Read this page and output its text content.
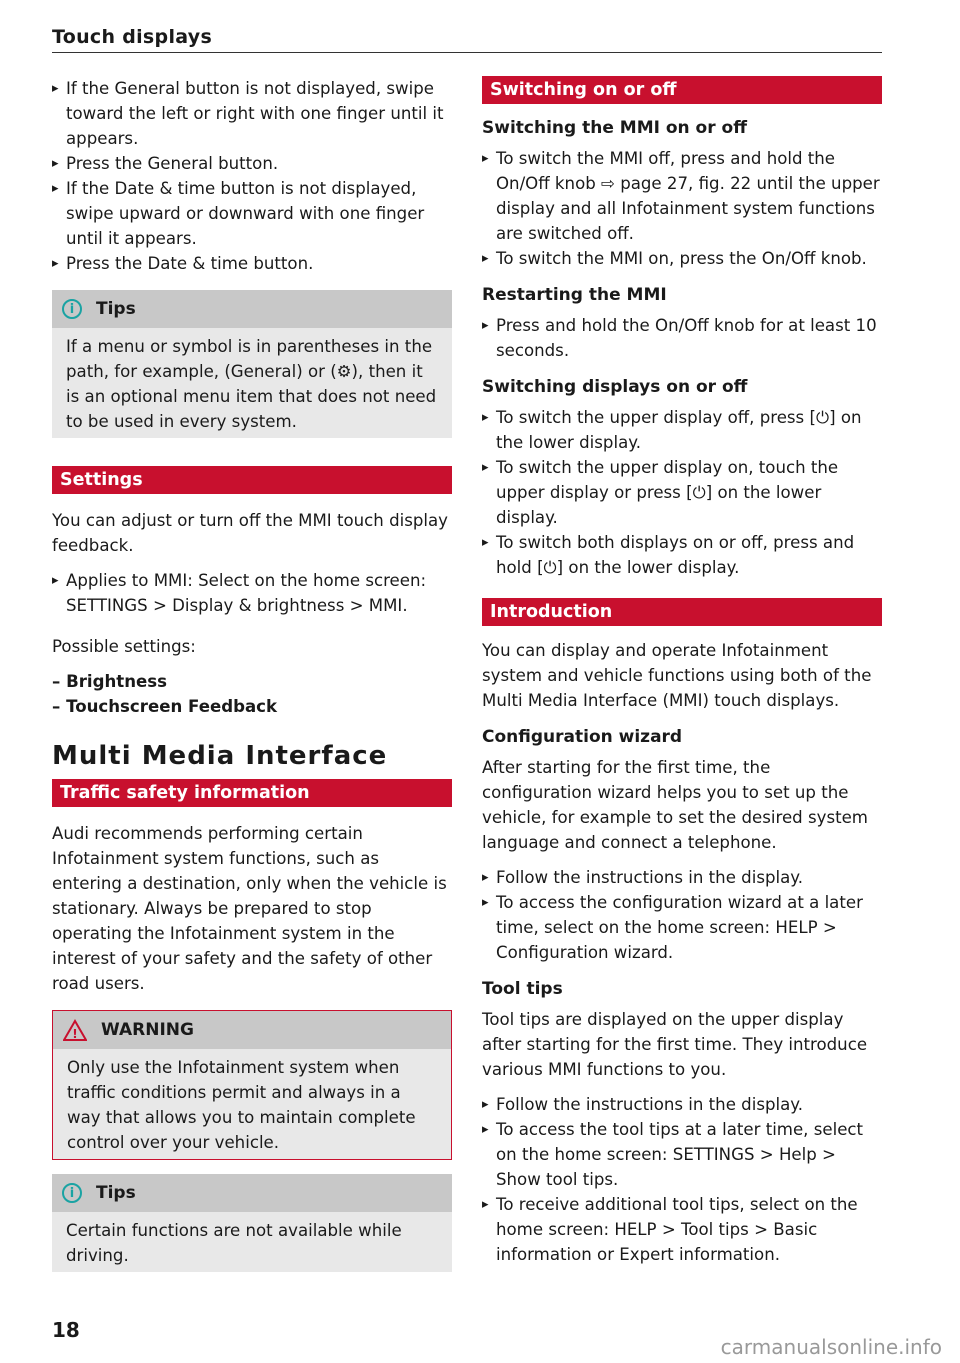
Touch displays

▸ If the General button is not displayed, swipe toward the left or right with one finger until it appears.

▸ Press the General button.

▸ If the Date & time button is not displayed, swipe upward or downward with one finger until it appears.

▸ Press the Date & time button.

i	Tips

If a menu or symbol is in parentheses in the path, for example, (General) or (⚙), then it is an optional menu item that does not need to be used in every system.

Settings

You can adjust or turn off the MMI touch display feedback.

▸ Applies to MMI: Select on the home screen: SETTINGS > Display & brightness > MMI.

Possible settings:

– Brightness

– Touchscreen Feedback

Multi Media Interface
Traffic safety information

Audi recommends performing certain Infotainment system functions, such as entering a destination, only when the vehicle is stationary. Always be prepared to stop operating the Infotainment system in the interest of your safety and the safety of other road users.

! WARNING

Only use the Infotainment system when traffic conditions permit and always in a way that allows you to maintain complete control over your vehicle.

i	Tips

Certain functions are not available while driving.

Switching on or off
Switching the MMI on or off

▸ To switch the MMI off, press and hold the On/Off knob ⇨ page 27, fig. 22 until the upper display and all Infotainment system functions are switched off.

▸ To switch the MMI on, press the On/Off knob.

Restarting the MMI

▸ Press and hold the On/Off knob for at least 10 seconds.

Switching displays on or off

▸ To switch the upper display off, press [⏻] on the lower display.

▸ To switch the upper display on, touch the upper display or press [⏻] on the lower display.

▸ To switch both displays on or off, press and hold [⏻] on the lower display.

Introduction

You can display and operate Infotainment system and vehicle functions using both of the Multi Media Interface (MMI) touch displays.

Configuration wizard

After starting for the first time, the configuration wizard helps you to set up the vehicle, for example to set the desired system language and connect a telephone.

▸ Follow the instructions in the display.

▸ To access the configuration wizard at a later time, select on the home screen: HELP > Configuration wizard.

Tool tips

Tool tips are displayed on the upper display after starting for the first time. They introduce various MMI functions to you.

▸ Follow the instructions in the display.

▸ To access the tool tips at a later time, select on the home screen: SETTINGS > Help > Show tool tips.

▸ To receive additional tool tips, select on the home screen: HELP > Tool tips > Basic information or Expert information.

18
carmanualsonline.info
